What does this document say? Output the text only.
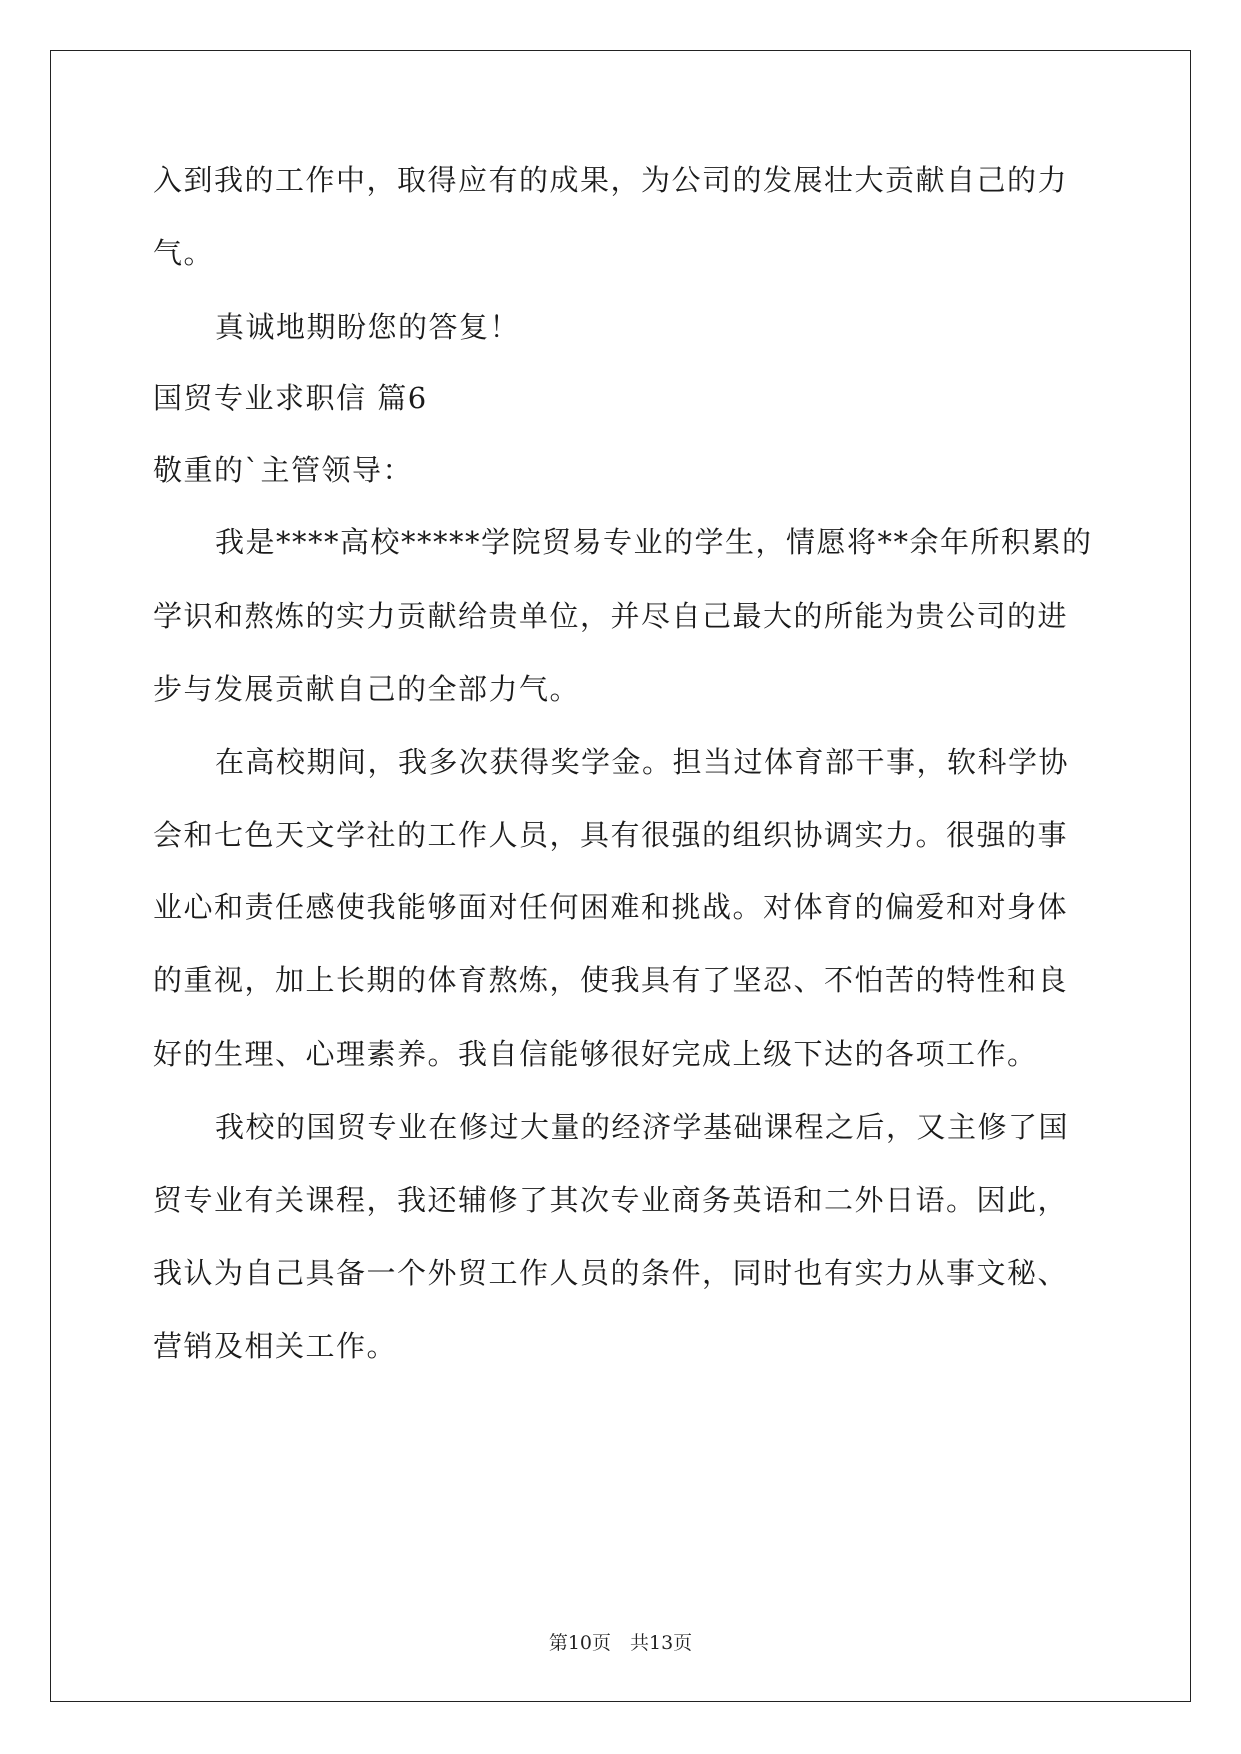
入到我的工作中，取得应有的成果，为公司的发展壮大贡献自己的力
气。
真诚地期盼您的答复！
国贸专业求职信 篇6
敬重的`主管领导：
我是****高校*****学院贸易专业的学生，情愿将**余年所积累的
学识和熬炼的实力贡献给贵单位，并尽自己最大的所能为贵公司的进
步与发展贡献自己的全部力气。
在高校期间，我多次获得奖学金。担当过体育部干事，软科学协
会和七色天文学社的工作人员，具有很强的组织协调实力。很强的事
业心和责任感使我能够面对任何困难和挑战。对体育的偏爱和对身体
的重视，加上长期的体育熬炼，使我具有了坚忍、不怕苦的特性和良
好的生理、心理素养。我自信能够很好完成上级下达的各项工作。
我校的国贸专业在修过大量的经济学基础课程之后，又主修了国
贸专业有关课程，我还辅修了其次专业商务英语和二外日语。因此，
我认为自己具备一个外贸工作人员的条件，同时也有实力从事文秘、
营销及相关工作。
第10页　共13页
